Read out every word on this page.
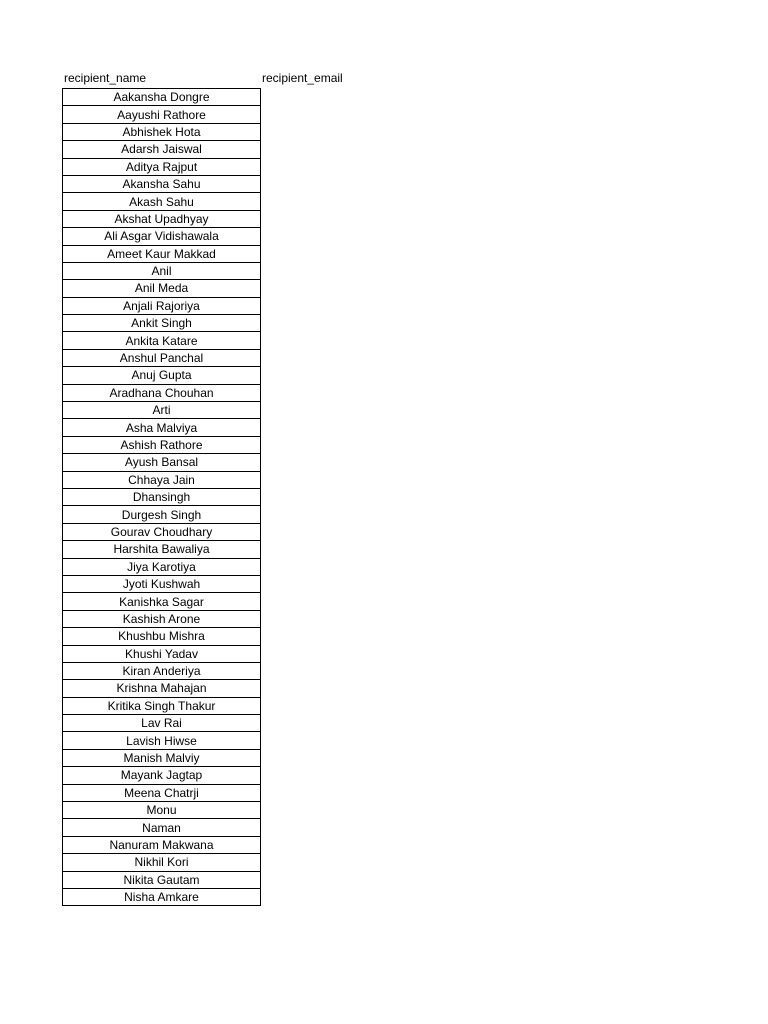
recipient_name	recipient_email
Aakansha Dongre
Aayushi Rathore
Abhishek Hota
Adarsh Jaiswal
Aditya Rajput
Akansha Sahu
Akash Sahu
Akshat Upadhyay
Ali Asgar Vidishawala
Ameet Kaur Makkad
Anil
Anil Meda
Anjali Rajoriya
Ankit Singh
Ankita Katare
Anshul Panchal
Anuj Gupta
Aradhana Chouhan
Arti
Asha Malviya
Ashish Rathore
Ayush Bansal
Chhaya Jain
Dhansingh
Durgesh Singh
Gourav Choudhary
Harshita Bawaliya
Jiya Karotiya
Jyoti Kushwah
Kanishka Sagar
Kashish Arone
Khushbu Mishra
Khushi Yadav
Kiran Anderiya
Krishna Mahajan
Kritika Singh Thakur
Lav Rai
Lavish Hiwse
Manish Malviy
Mayank Jagtap
Meena Chatrji
Monu
Naman
Nanuram Makwana
Nikhil Kori
Nikita Gautam
Nisha Amkare
